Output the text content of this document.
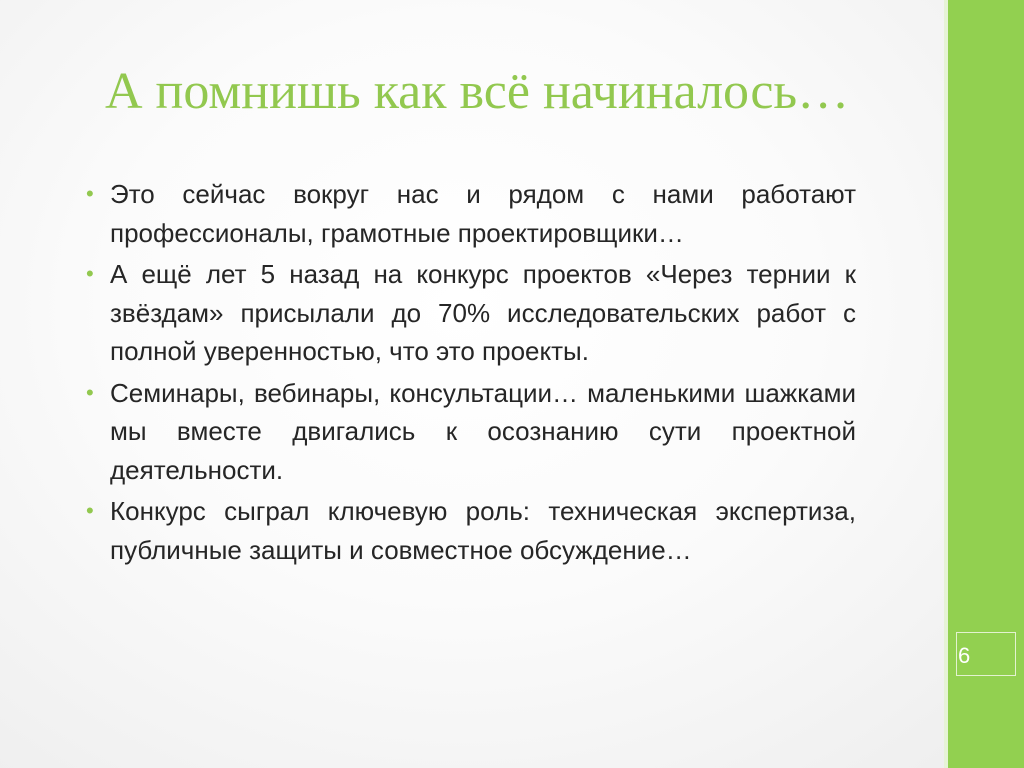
6
А помнишь как всё начиналось…
• Это сейчас вокруг нас и рядом с нами работают профессионалы, грамотные проектировщики…
• А ещё лет 5 назад на конкурс проектов «Через тернии к звёздам» присылали до 70% исследовательских работ с полной уверенностью, что это проекты.
• Семинары, вебинары, консультации… маленькими шажками мы вместе двигались к осознанию сути проектной деятельности.
• Конкурс сыграл ключевую роль: техническая экспертиза, публичные защиты и совместное обсуждение…
